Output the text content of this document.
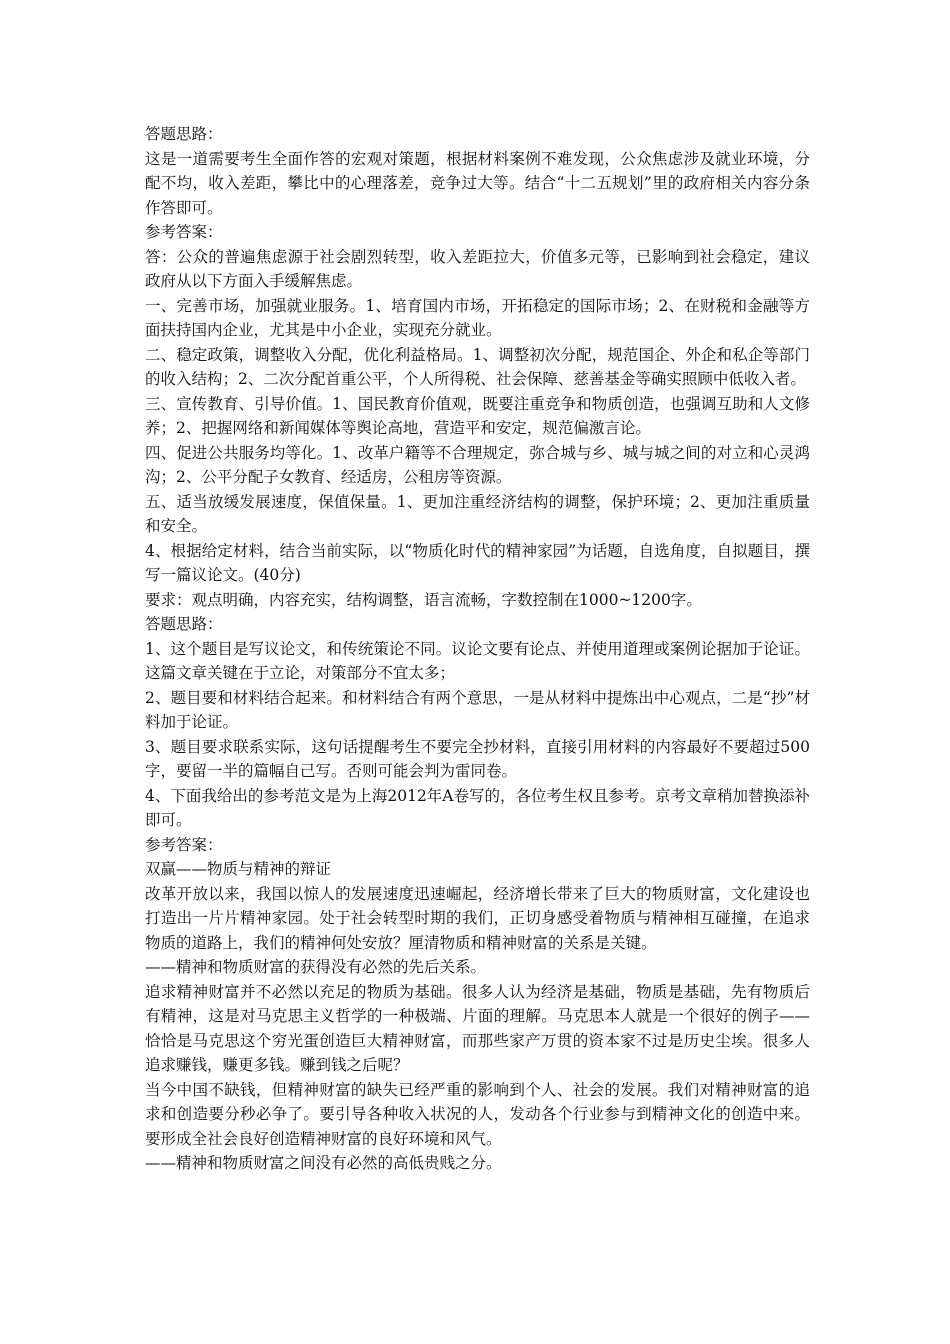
答题思路：

这是一道需要考生全面作答的宏观对策题，根据材料案例不难发现，公众焦虑涉及就业环境，分配不均，收入差距，攀比中的心理落差，竞争过大等。结合“十二五规划”里的政府相关内容分条作答即可。

参考答案：

答：公众的普遍焦虑源于社会剧烈转型，收入差距拉大，价值多元等，已影响到社会稳定，建议政府从以下方面入手缓解焦虑。

一、完善市场，加强就业服务。1、培育国内市场，开拓稳定的国际市场；2、在财税和金融等方面扶持国内企业，尤其是中小企业，实现充分就业。

二、稳定政策，调整收入分配，优化利益格局。1、调整初次分配，规范国企、外企和私企等部门的收入结构；2、二次分配首重公平，个人所得税、社会保障、慈善基金等确实照顾中低收入者。

三、宣传教育、引导价值。1、国民教育价值观，既要注重竞争和物质创造，也强调互助和人文修养；2、把握网络和新闻媒体等舆论高地，营造平和安定，规范偏激言论。

四、促进公共服务均等化。1、改革户籍等不合理规定，弥合城与乡、城与城之间的对立和心灵鸿沟；2、公平分配子女教育、经适房，公租房等资源。

五、适当放缓发展速度，保值保量。1、更加注重经济结构的调整，保护环境；2、更加注重质量和安全。

4、根据给定材料，结合当前实际，以“物质化时代的精神家园”为话题，自选角度，自拟题目，撰写一篇议论文。(40分)

要求：观点明确，内容充实，结构调整，语言流畅，字数控制在1000~1200字。

答题思路：

1、这个题目是写议论文，和传统策论不同。议论文要有论点、并使用道理或案例论据加于论证。这篇文章关键在于立论，对策部分不宜太多；

2、题目要和材料结合起来。和材料结合有两个意思，一是从材料中提炼出中心观点，二是“抄”材料加于论证。

3、题目要求联系实际，这句话提醒考生不要完全抄材料，直接引用材料的内容最好不要超过500字，要留一半的篇幅自己写。否则可能会判为雷同卷。

4、下面我给出的参考范文是为上海2012年A卷写的，各位考生权且参考。京考文章稍加替换添补即可。

参考答案：

双赢——物质与精神的辩证

改革开放以来，我国以惊人的发展速度迅速崛起，经济增长带来了巨大的物质财富，文化建设也打造出一片片精神家园。处于社会转型时期的我们，正切身感受着物质与精神相互碰撞，在追求物质的道路上，我们的精神何处安放？厘清物质和精神财富的关系是关键。

——精神和物质财富的获得没有必然的先后关系。

追求精神财富并不必然以充足的物质为基础。很多人认为经济是基础，物质是基础，先有物质后有精神，这是对马克思主义哲学的一种极端、片面的理解。马克思本人就是一个很好的例子——恰恰是马克思这个穷光蛋创造巨大精神财富，而那些家产万贯的资本家不过是历史尘埃。很多人追求赚钱，赚更多钱。赚到钱之后呢？

当今中国不缺钱，但精神财富的缺失已经严重的影响到个人、社会的发展。我们对精神财富的追求和创造要分秒必争了。要引导各种收入状况的人，发动各个行业参与到精神文化的创造中来。要形成全社会良好创造精神财富的良好环境和风气。

——精神和物质财富之间没有必然的高低贵贱之分。
